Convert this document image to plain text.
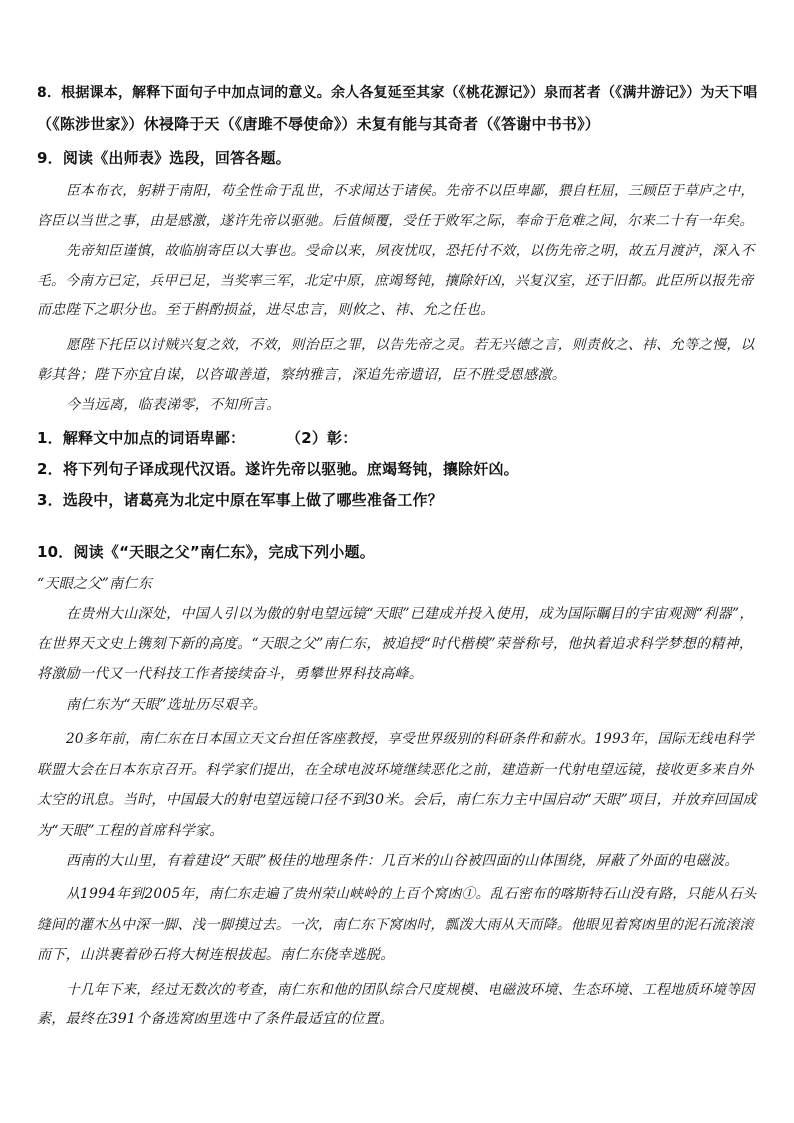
8．根据课本，解释下面句子中加点词的意义。余人各复延至其家（《桃花源记》）泉而茗者（《满井游记》）为天下唱
（《陈涉世家》）休祲降于天（《唐雎不辱使命》）未复有能与其奇者（《答谢中书书》）
9．阅读《出师表》选段，回答各题。
臣本布衣，躬耕于南阳，苟全性命于乱世，不求闻达于诸侯。先帝不以臣卑鄙，猥自枉屈，三顾臣于草庐之中，
咨臣以当世之事，由是感激，遂许先帝以驱驰。后值倾覆，受任于败军之际，奉命于危难之间，尔来二十有一年矣。
先帝知臣谨慎，故临崩寄臣以大事也。受命以来，夙夜忧叹，恐托付不效，以伤先帝之明，故五月渡泸，深入不
毛。今南方已定，兵甲已足，当奖率三军，北定中原，庶竭驽钝，攘除奸凶，兴复汉室，还于旧都。此臣所以报先帝
而忠陛下之职分也。至于斟酌损益，进尽忠言，则攸之、祎、允之任也。
愿陛下托臣以讨贼兴复之效，不效，则治臣之罪，以告先帝之灵。若无兴德之言，则责攸之、祎、允等之慢，以
彰其咎；陛下亦宜自谋，以咨诹善道，察纳雅言，深追先帝遗诏，臣不胜受恩感激。
今当远离，临表涕零，不知所言。
1．解释文中加点的词语卑鄙：	（2）彰：
2．将下列句子译成现代汉语。遂许先帝以驱驰。庶竭驽钝，攘除奸凶。
3．选段中，诸葛亮为北定中原在军事上做了哪些准备工作？
10．阅读《“天眼之父”南仁东》，完成下列小题。
“天眼之父”南仁东
在贵州大山深处，中国人引以为傲的射电望远镜“天眼”已建成并投入使用，成为国际瞩目的宇宙观测“利器”，
在世界天文史上镌刻下新的高度。“天眼之父”南仁东，被追授“时代楷模”荣誉称号，他执着追求科学梦想的精神，
将激励一代又一代科技工作者接续奋斗，勇攀世界科技高峰。
南仁东为“天眼”选址历尽艰辛。
20多年前，南仁东在日本国立天文台担任客座教授，享受世界级别的科研条件和薪水。1993年，国际无线电科学
联盟大会在日本东京召开。科学家们提出，在全球电波环境继续恶化之前，建造新一代射电望远镜，接收更多来自外
太空的讯息。当时，中国最大的射电望远镜口径不到30米。会后，南仁东力主中国启动“天眼”项目，并放弃回国成
为“天眼”工程的首席科学家。
西南的大山里，有着建设“天眼”极佳的地理条件：几百米的山谷被四面的山体围绕，屏蔽了外面的电磁波。
从1994年到2005年，南仁东走遍了贵州荣山峡岭的上百个窝凼①。乱石密布的喀斯特石山没有路，只能从石头
缝间的灌木丛中深一脚、浅一脚摸过去。一次，南仁东下窝凼时，瓢泼大雨从天而降。他眼见着窝凼里的泥石流滚滚
而下，山洪裹着砂石将大树连根拔起。南仁东侥幸逃脱。
十几年下来，经过无数次的考查，南仁东和他的团队综合尺度规模、电磁波环境、生态环境、工程地质环境等因
素，最终在391个备选窝凼里选中了条件最适宜的位置。
